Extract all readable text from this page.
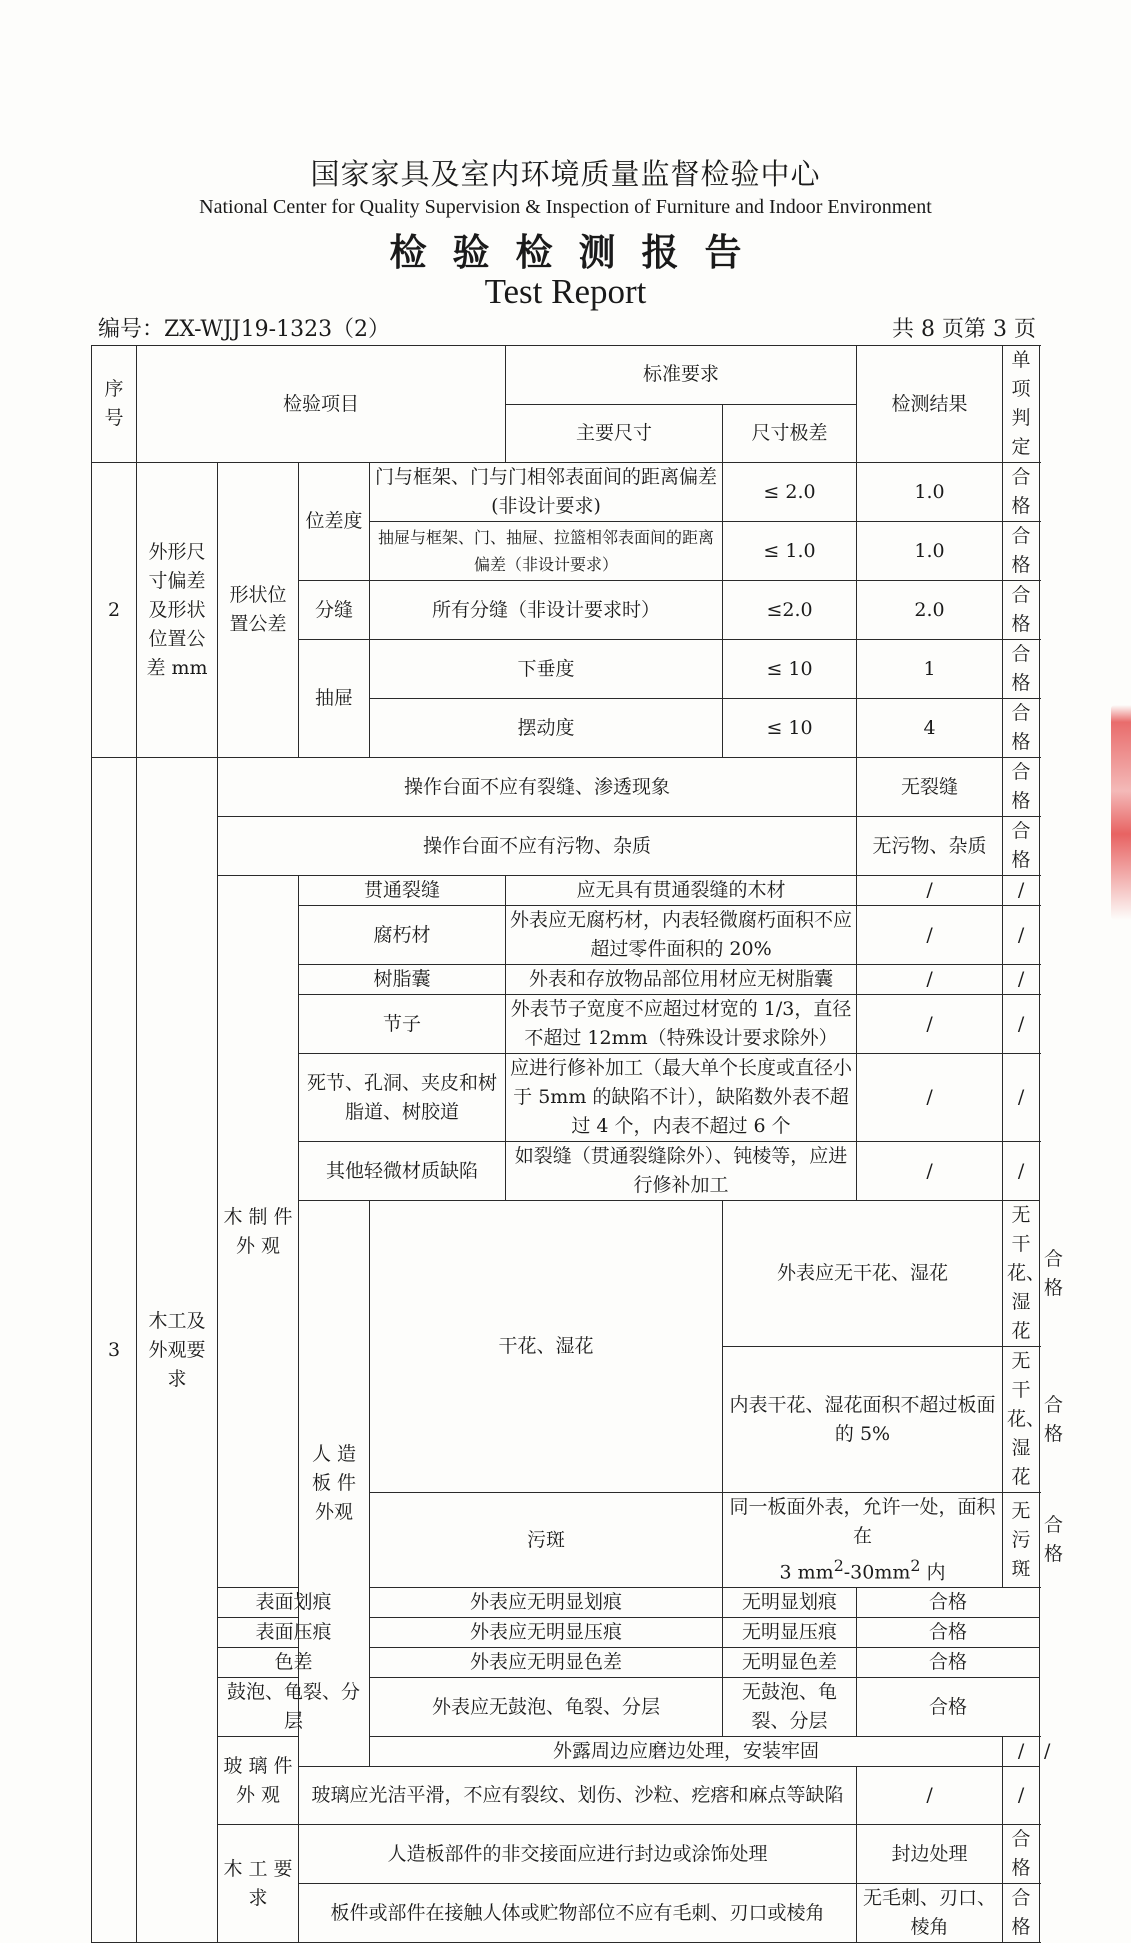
国家家具及室内环境质量监督检验中心
National Center for Quality Supervision & Inspection of Furniture and Indoor Environment
检验检测报告
Test Report
编号：ZX-WJJ19-1323（2）	共 8 页第 3 页
序号	检验项目				标准要求		检测结果	单项判定	
					主要尺寸	尺寸极差			
2	外形尺寸偏差及形状位置公差 mm	形状位置公差	位差度	门与框架、门与门相邻表面间的距离偏差(非设计要求)		≤ 2.0	1.0	合格	
				抽屉与框架、门、抽屉、拉篮相邻表面间的距离偏差（非设计要求）		≤ 1.0	1.0	合格	
			分缝	所有分缝（非设计要求时）		≤2.0	2.0	合格	
			抽屉	下垂度		≤ 10	1	合格	
				摆动度		≤ 10	4	合格	
3	木工及外观要求	操作台面不应有裂缝、渗透现象					无裂缝	合格	
		操作台面不应有污物、杂质					无污物、杂质	合格	
		木 制 件 外 观	贯通裂缝		应无具有贯通裂缝的木材		/	/	
			腐朽材		外表应无腐朽材，内表轻微腐朽面积不应超过零件面积的 20%		/	/	
			树脂囊		外表和存放物品部位用材应无树脂囊		/	/	
			节子		外表节子宽度不应超过材宽的 1/3，直径不超过 12mm（特殊设计要求除外）		/	/	
			死节、孔洞、夹皮和树脂道、树胶道		应进行修补加工（最大单个长度或直径小于 5mm 的缺陷不计），缺陷数外表不超过 4 个，内表不超过 6 个		/	/	
			其他轻微材质缺陷		如裂缝（贯通裂缝除外）、钝棱等，应进行修补加工		/	/	
			人 造 板 件 外观	干花、湿花		外表应无干花、湿花		无干花、湿花	合格
						内表干花、湿花面积不超过板面的 5%		无干花、湿花	合格
				污斑		同一板面外表，允许一处，面积在
3 $mm^2-30mm^2$ 内		无污斑	合格
		表面划痕		外表应无明显划痕		无明显划痕	合格		
		表面压痕		外表应无明显压痕		无明显压痕	合格		
		色差		外表应无明显色差		无明显色差	合格		
		鼓泡、龟裂、分层		外表应无鼓泡、龟裂、分层		无鼓泡、龟裂、分层	合格		
		玻 璃 件 外 观		外露周边应磨边处理，安装牢固				/	/
			玻璃应光洁平滑，不应有裂纹、划伤、沙粒、疙瘩和麻点等缺陷				/	/	
		木 工 要 求	人造板部件的非交接面应进行封边或涂饰处理				封边处理	合格	
			板件或部件在接触人体或贮物部位不应有毛刺、刃口或棱角				无毛刺、刃口、棱角	合格	
